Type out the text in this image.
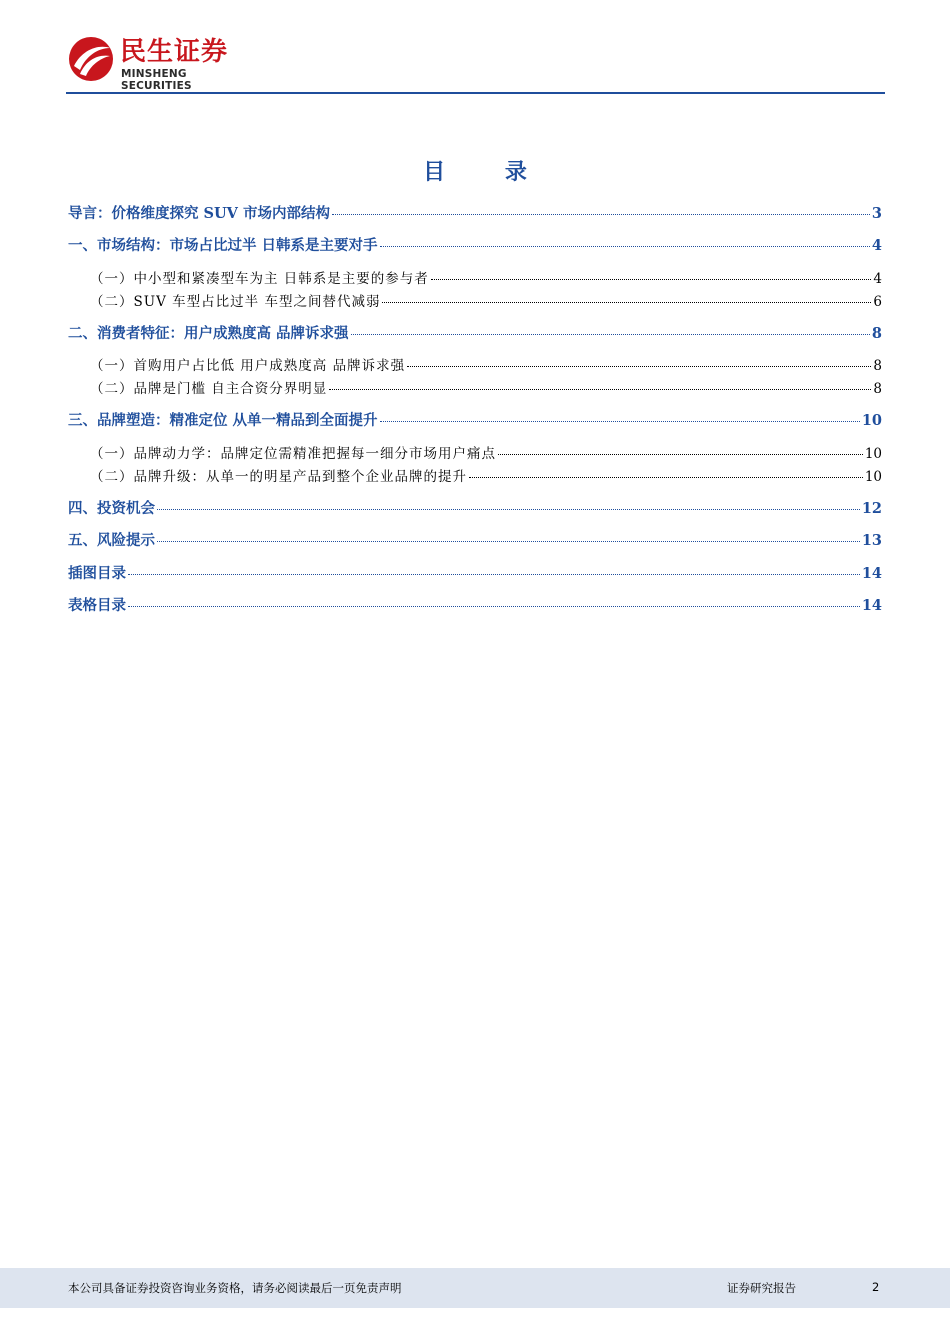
民生证券
MINSHENG SECURITIES
目 录
导言：价格维度探究 SUV 市场内部结构	3
一、市场结构：市场占比过半 日韩系是主要对手	4
（一）中小型和紧凑型车为主 日韩系是主要的参与者	4
（二）SUV 车型占比过半 车型之间替代减弱	6
二、消费者特征：用户成熟度高 品牌诉求强	8
（一）首购用户占比低 用户成熟度高 品牌诉求强	8
（二）品牌是门槛 自主合资分界明显	8
三、品牌塑造：精准定位 从单一精品到全面提升	10
（一）品牌动力学：品牌定位需精准把握每一细分市场用户痛点	10
（二）品牌升级：从单一的明星产品到整个企业品牌的提升	10
四、投资机会	12
五、风险提示	13
插图目录	14
表格目录	14
本公司具备证券投资咨询业务资格，请务必阅读最后一页免责声明	证券研究报告	2
